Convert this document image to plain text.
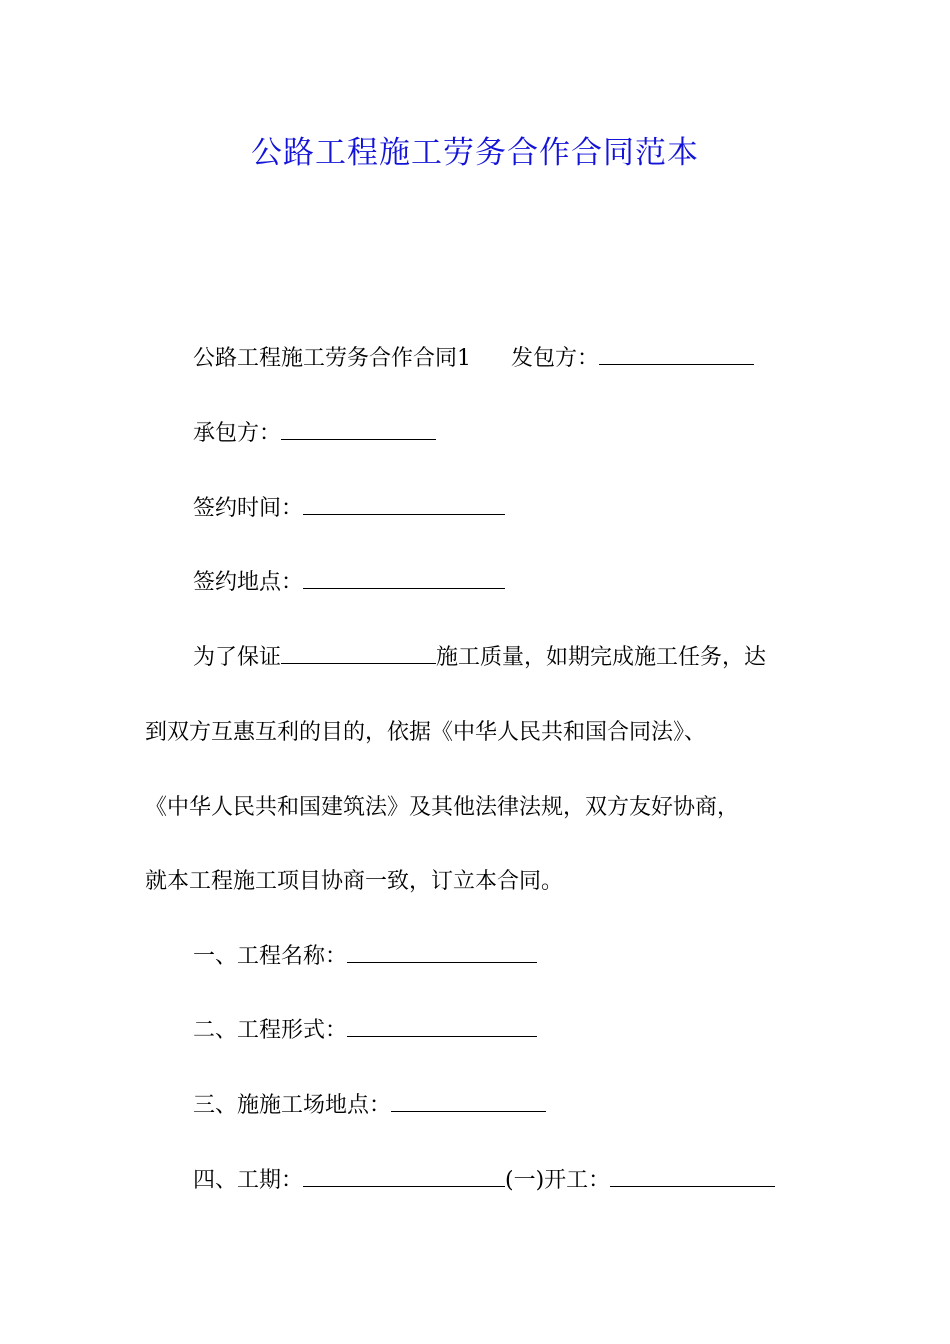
公路工程施工劳务合作合同范本
公路工程施工劳务合作合同1 发包方：
承包方：
签约时间：
签约地点：
为了保证	施工质量，如期完成施工任务，达
到双方互惠互利的目的，依据《中华人民共和国合同法》、
《中华人民共和国建筑法》及其他法律法规，双方友好协商，
就本工程施工项目协商一致，订立本合同。
一、工程名称：
二、工程形式：
三、施施工场地点：
四、工期：	(一)开工：
